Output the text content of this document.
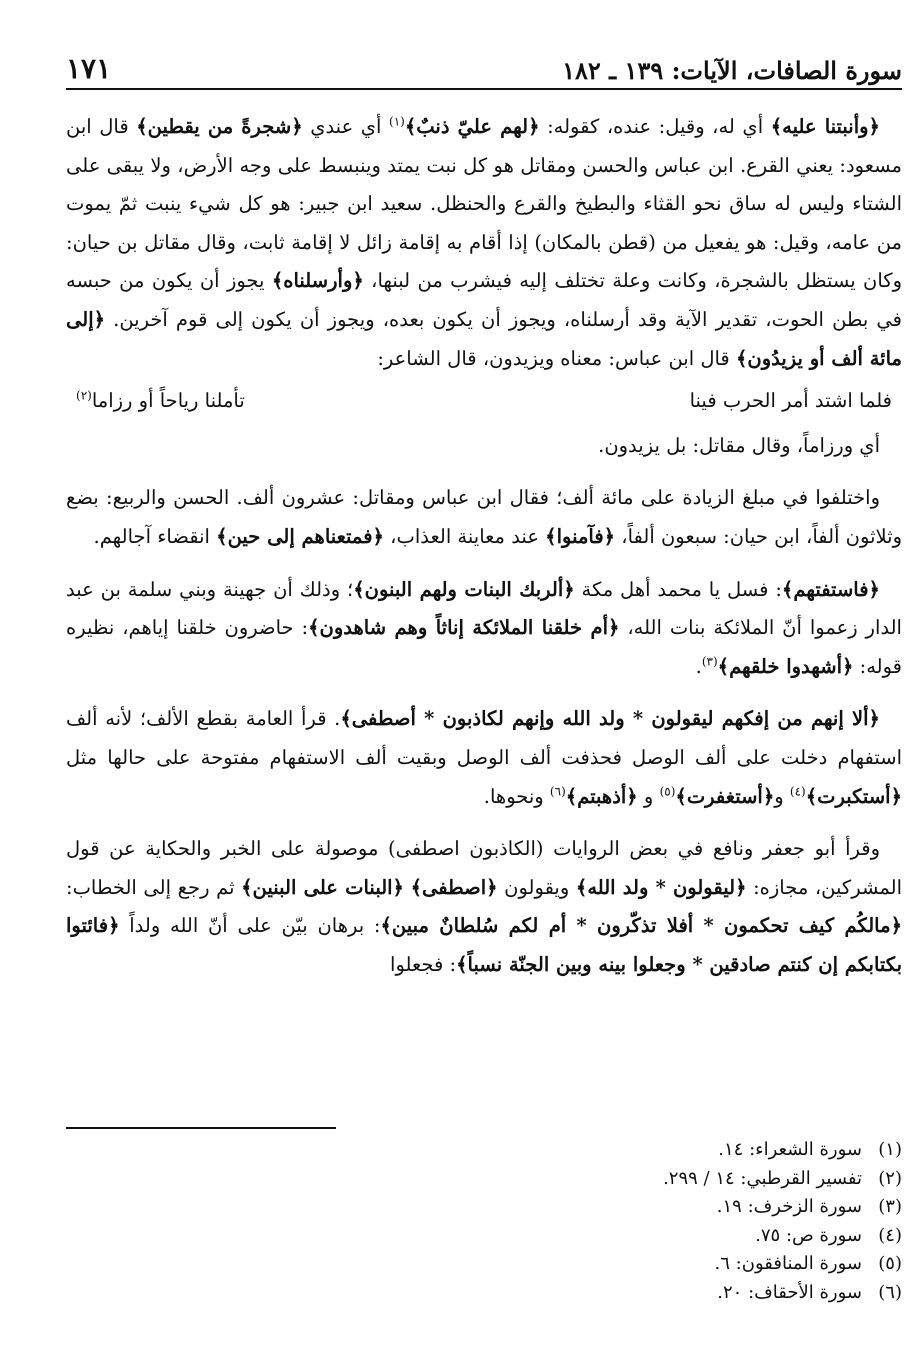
سورة الصافات، الآيات: ١٣٩ ـ ١٨٢
١٧١

﴿وأنبتنا عليه﴾ أي له، وقيل: عنده، كقوله: ﴿لهم عليّ ذنبٌ﴾$^{(١)}$ أي عندي ﴿شجرةً من يقطين﴾ قال ابن مسعود: يعني القرع. ابن عباس والحسن ومقاتل هو كل نبت يمتد وينبسط على وجه الأرض، ولا يبقى على الشتاء وليس له ساق نحو القثاء والبطيخ والقرع والحنظل. سعيد ابن جبير: هو كل شيء ينبت ثمّ يموت من عامه، وقيل: هو يفعيل من (قطن بالمكان) إذا أقام به إقامة زائل لا إقامة ثابت، وقال مقاتل بن حيان: وكان يستظل بالشجرة، وكانت وعلة تختلف إليه فيشرب من لبنها، ﴿وأرسلناه﴾ يجوز أن يكون من حبسه في بطن الحوت، تقدير الآية وقد أرسلناه، ويجوز أن يكون بعده، ويجوز أن يكون إلى قوم آخرين. ﴿إلى مائة ألف أو يزيدُون﴾ قال ابن عباس: معناه ويزيدون، قال الشاعر:

فلما اشتد أمر الحرب فينا
تأملنا رياحاً أو رزاما$^{(٢)}$

أي ورزاماً، وقال مقاتل: بل يزيدون.

واختلفوا في مبلغ الزيادة على مائة ألف؛ فقال ابن عباس ومقاتل: عشرون ألف. الحسن والربيع: بضع وثلاثون ألفاً، ابن حيان: سبعون ألفاً، ﴿فآمنوا﴾ عند معاينة العذاب، ﴿فمتعناهم إلى حين﴾ انقضاء آجالهم.

﴿فاستفتهم﴾: فسل يا محمد أهل مكة ﴿ألربك البنات ولهم البنون﴾؛ وذلك أن جهينة وبني سلمة بن عبد الدار زعموا أنّ الملائكة بنات الله، ﴿أم خلقنا الملائكة إناثاً وهم شاهدون﴾: حاضرون خلقنا إياهم، نظيره قوله: ﴿أشهدوا خلقهم﴾$^{(٣)}$.

﴿ألا إنهم من إفكهم ليقولون * ولد الله وإنهم لكاذبون * أصطفى﴾. قرأ العامة بقطع الألف؛ لأنه ألف استفهام دخلت على ألف الوصل فحذفت ألف الوصل وبقيت ألف الاستفهام مفتوحة على حالها مثل ﴿أستكبرت﴾$^{(٤)}$ و﴿أستغفرت﴾$^{(٥)}$ و ﴿أذهبتم﴾$^{(٦)}$ ونحوها.

وقرأ أبو جعفر ونافع في بعض الروايات (الكاذبون اصطفى) موصولة على الخبر والحكاية عن قول المشركين، مجازه: ﴿ليقولون * ولد الله﴾ ويقولون ﴿اصطفى﴾ ﴿البنات على البنين﴾ ثم رجع إلى الخطاب: ﴿مالكُم كيف تحكمون * أفلا تذكّرون * أم لكم سُلطانٌ مبين﴾: برهان بيّن على أنّ الله ولداً ﴿فائتوا بكتابكم إن كنتم صادقين * وجعلوا بينه وبين الجنّة نسباً﴾: فجعلوا

(١)
سورة الشعراء: ١٤.
(٢)
تفسير القرطبي: ١٤ / ٢٩٩.
(٣)
سورة الزخرف: ١٩.
(٤)
سورة ص: ٧٥.
(٥)
سورة المنافقون: ٦.
(٦)
سورة الأحقاف: ٢٠.
